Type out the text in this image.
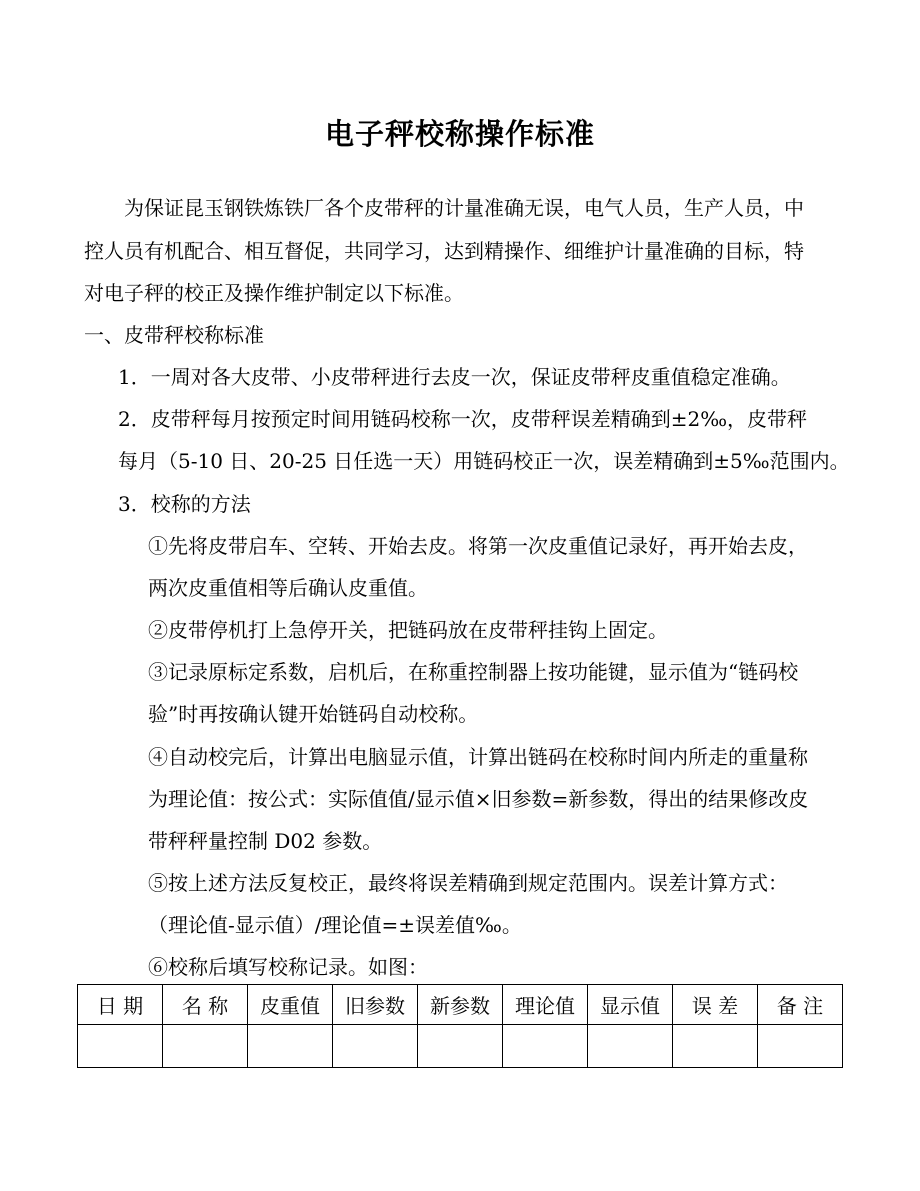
电子秤校称操作标准

为保证昆玉钢铁炼铁厂各个皮带秤的计量准确无误，电气人员，生产人员，中

控人员有机配合、相互督促，共同学习，达到精操作、细维护计量准确的目标，特

对电子秤的校正及操作维护制定以下标准。

一、皮带秤校称标准

1．一周对各大皮带、小皮带秤进行去皮一次，保证皮带秤皮重值稳定准确。

2．皮带秤每月按预定时间用链码校称一次，皮带秤误差精确到±2‰，皮带秤

每月（5-10 日、20-25 日任选一天）用链码校正一次，误差精确到±5‰范围内。

3．校称的方法

①先将皮带启车、空转、开始去皮。将第一次皮重值记录好，再开始去皮，

两次皮重值相等后确认皮重值。

②皮带停机打上急停开关，把链码放在皮带秤挂钩上固定。

③记录原标定系数，启机后，在称重控制器上按功能键，显示值为“链码校

验”时再按确认键开始链码自动校称。

④自动校完后，计算出电脑显示值，计算出链码在校称时间内所走的重量称

为理论值：按公式：实际值值/显示值×旧参数=新参数，得出的结果修改皮

带秤秤量控制 D02 参数。

⑤按上述方法反复校正，最终将误差精确到规定范围内。误差计算方式：

（理论值-显示值）/理论值=±误差值‰。

⑥校称后填写校称记录。如图：

日 期	名 称	皮重值	旧参数	新参数	理论值	显示值	误 差	备 注
